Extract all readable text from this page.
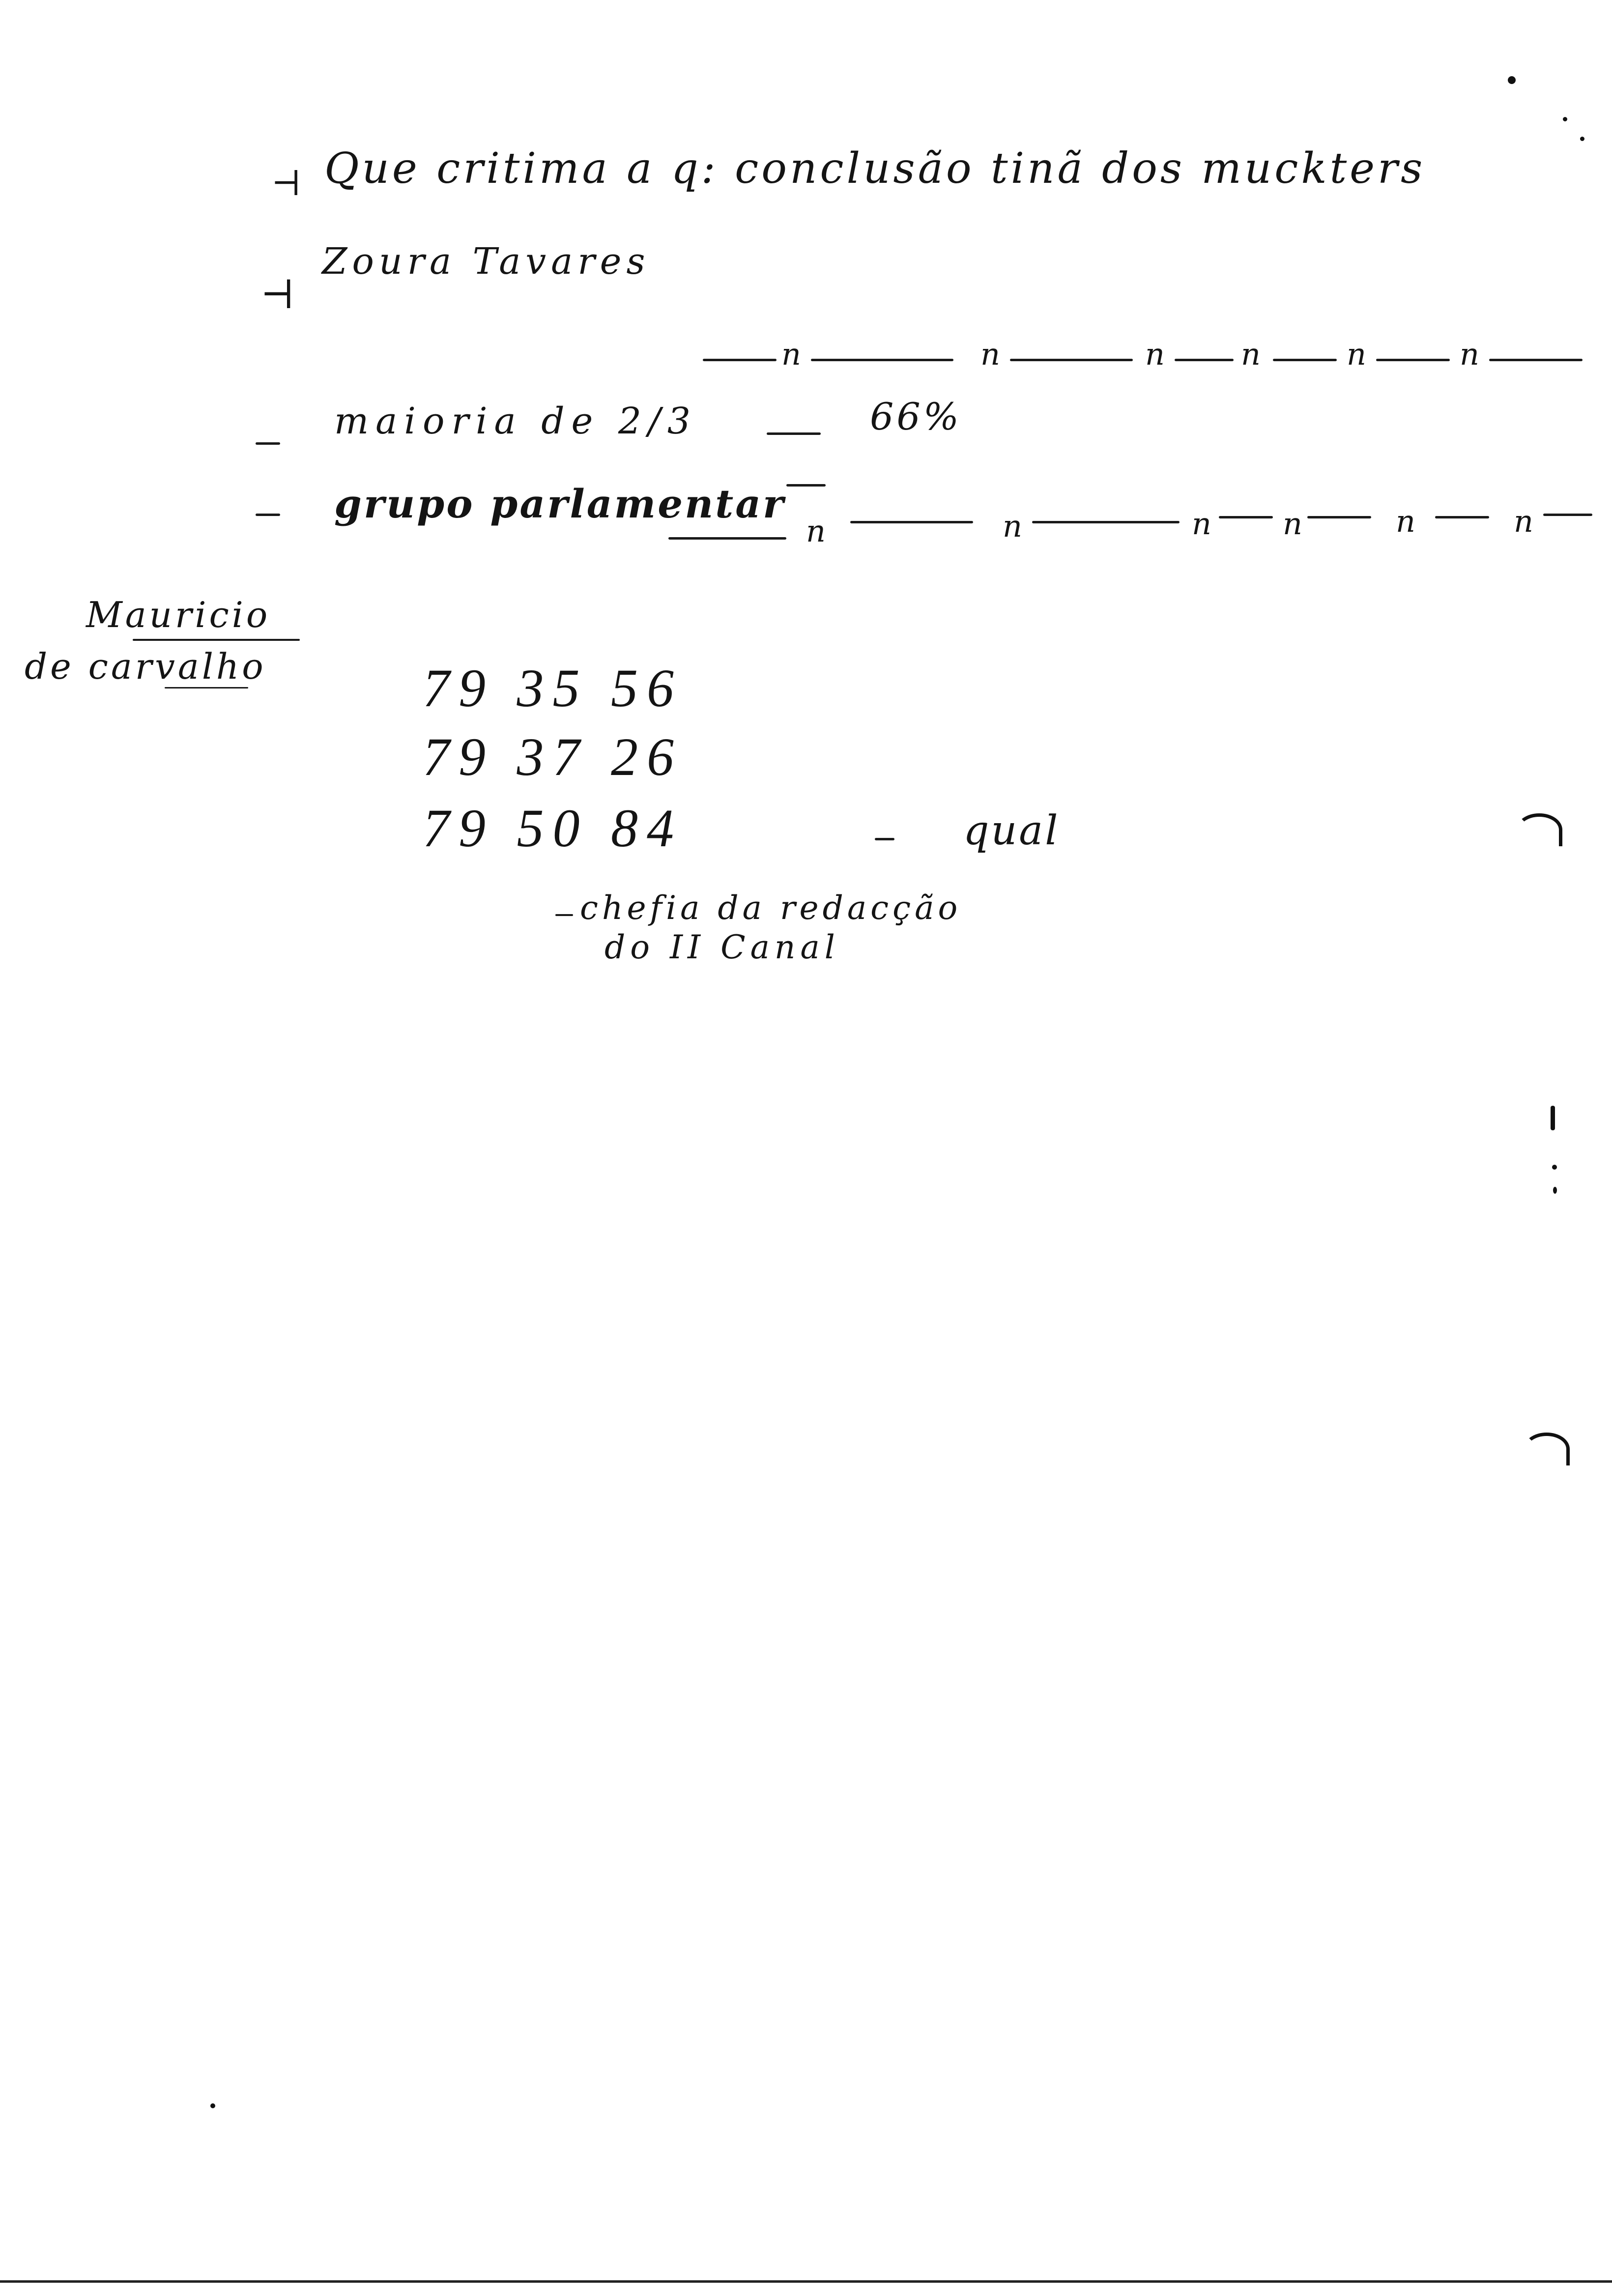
⊣ Que critima a q: conclusão tinã dos muckters
⊣
Zoura Tavares
n	n	n	n	n	n
maioria de 2/3	66%
grupo parlamentar
n	n	n n	n	n
Mauricio
de carvalho	79 35 56
79 37 26
79 50 84	qual
chefia da redacção
do II Canal
